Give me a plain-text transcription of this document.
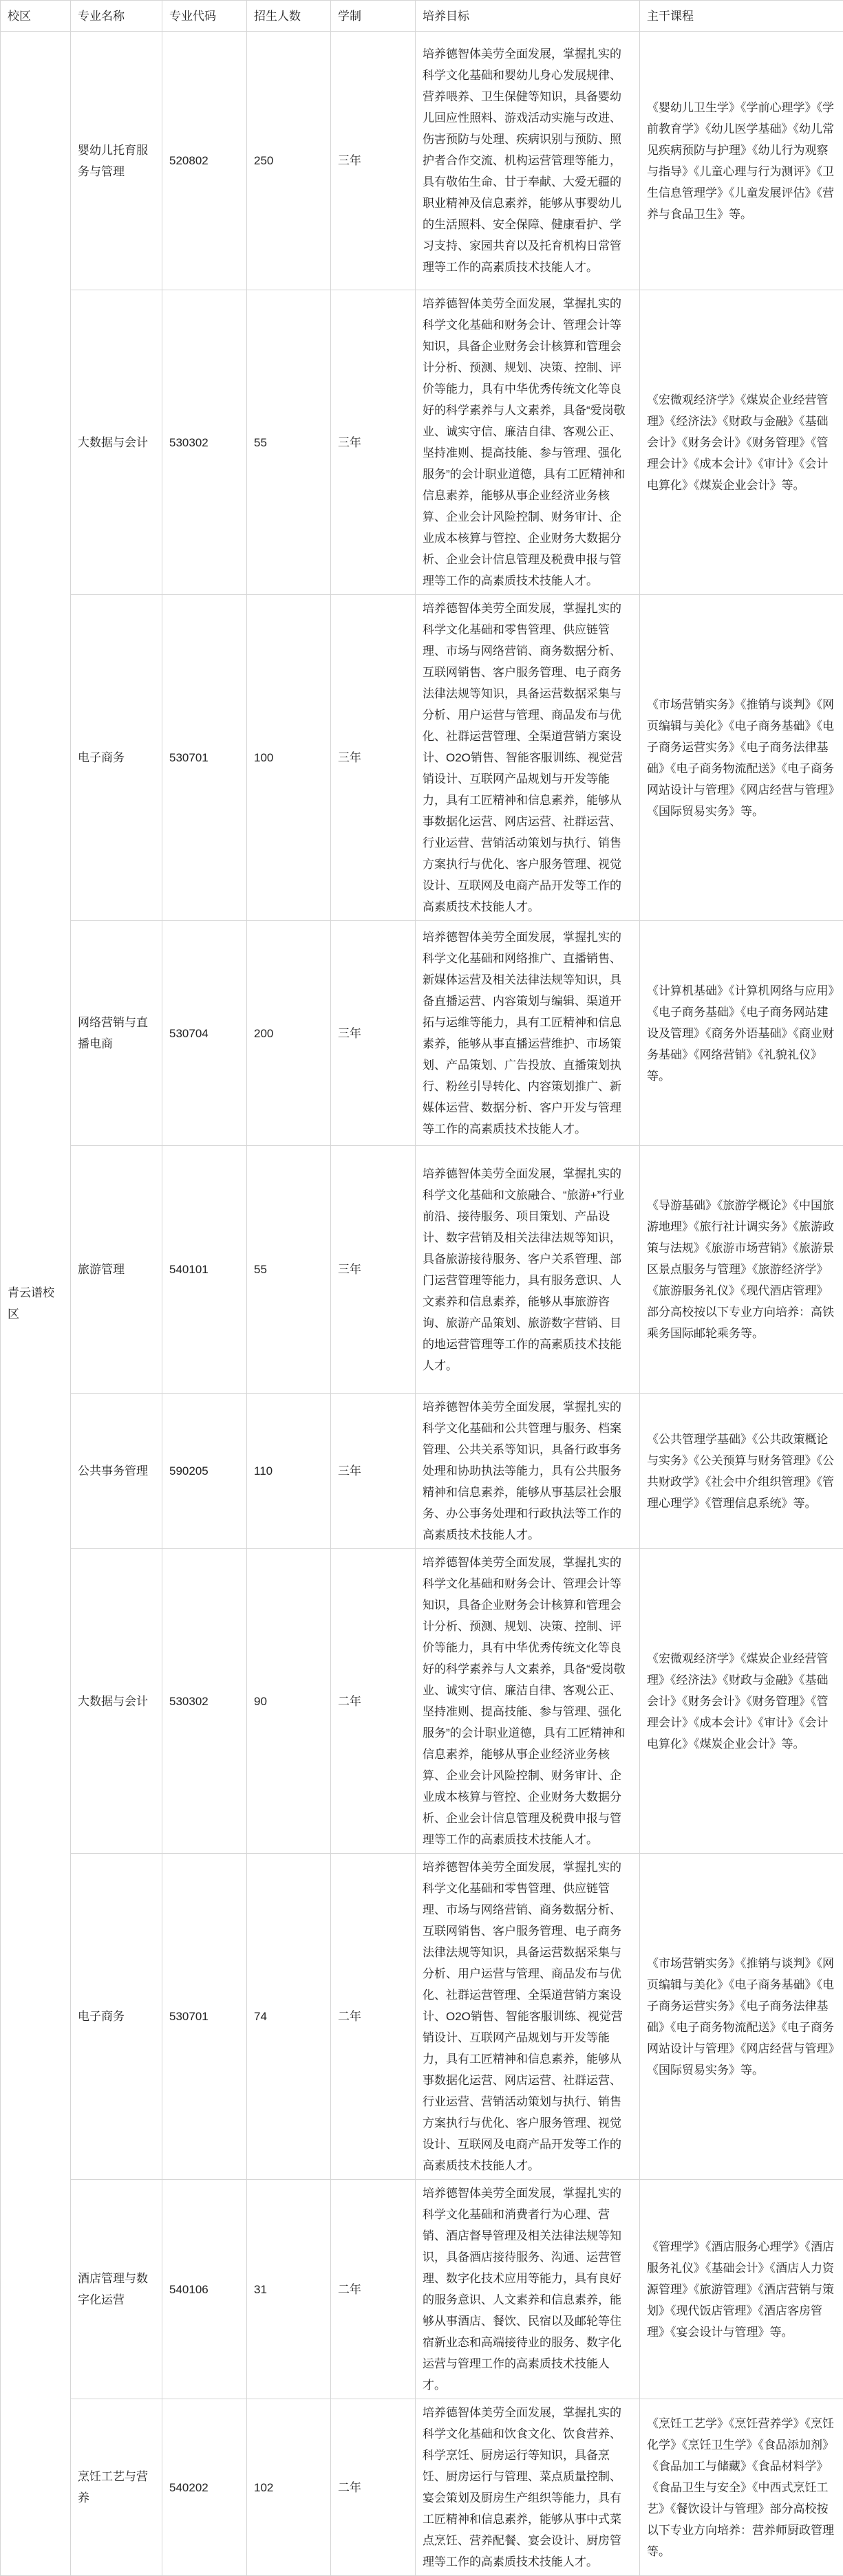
校区	专业名称	专业代码	招生人数	学制	培养目标	主干课程
青云谱校区	婴幼儿托育服务与管理	520802	250	三年	培养德智体美劳全面发展，掌握扎实的科学文化基础和婴幼儿身心发展规律、营养喂养、卫生保健等知识，具备婴幼儿回应性照料、游戏活动实施与改进、伤害预防与处理、疾病识别与预防、照护者合作交流、机构运营管理等能力，具有敬佑生命、甘于奉献、大爱无疆的职业精神及信息素养，能够从事婴幼儿的生活照料、安全保障、健康看护、学习支持、家园共育以及托育机构日常管理等工作的高素质技术技能人才。	《婴幼儿卫生学》《学前心理学》《学前教育学》《幼儿医学基础》《幼儿常见疾病预防与护理》《幼儿行为观察与指导》《儿童心理与行为测评》《卫生信息管理学》《儿童发展评估》《营养与食品卫生》等。
	大数据与会计	530302	55	三年	培养德智体美劳全面发展，掌握扎实的科学文化基础和财务会计、管理会计等知识，具备企业财务会计核算和管理会计分析、预测、规划、决策、控制、评价等能力，具有中华优秀传统文化等良好的科学素养与人文素养，具备“爱岗敬业、诚实守信、廉洁自律、客观公正、坚持准则、提高技能、参与管理、强化服务”的会计职业道德，具有工匠精神和信息素养，能够从事企业经济业务核算、企业会计风险控制、财务审计、企业成本核算与管控、企业财务大数据分析、企业会计信息管理及税费申报与管理等工作的高素质技术技能人才。	《宏微观经济学》《煤炭企业经营管理》《经济法》《财政与金融》《基础会计》《财务会计》《财务管理》《管理会计》《成本会计》《审计》《会计电算化》《煤炭企业会计》等。
	电子商务	530701	100	三年	培养德智体美劳全面发展，掌握扎实的科学文化基础和零售管理、供应链管理、市场与网络营销、商务数据分析、互联网销售、客户服务管理、电子商务法律法规等知识，具备运营数据采集与分析、用户运营与管理、商品发布与优化、社群运营管理、全渠道营销方案设计、O2O销售、智能客服训练、视觉营销设计、互联网产品规划与开发等能力，具有工匠精神和信息素养，能够从事数据化运营、网店运营、社群运营、行业运营、营销活动策划与执行、销售方案执行与优化、客户服务管理、视觉设计、互联网及电商产品开发等工作的高素质技术技能人才。	《市场营销实务》《推销与谈判》《网页编辑与美化》《电子商务基础》《电子商务运营实务》《电子商务法律基础》《电子商务物流配送》《电子商务网站设计与管理》《网店经营与管理》《国际贸易实务》等。
	网络营销与直播电商	530704	200	三年	培养德智体美劳全面发展，掌握扎实的科学文化基础和网络推广、直播销售、新媒体运营及相关法律法规等知识，具备直播运营、内容策划与编辑、渠道开拓与运维等能力，具有工匠精神和信息素养，能够从事直播运营维护、市场策划、产品策划、广告投放、直播策划执行、粉丝引导转化、内容策划推广、新媒体运营、数据分析、客户开发与管理等工作的高素质技术技能人才。	《计算机基础》《计算机网络与应用》《电子商务基础》《电子商务网站建设及管理》《商务外语基础》《商业财务基础》《网络营销》《礼貌礼仪》等。
	旅游管理	540101	55	三年	培养德智体美劳全面发展，掌握扎实的科学文化基础和文旅融合、“旅游+”行业前沿、接待服务、项目策划、产品设计、数字营销及相关法律法规等知识，具备旅游接待服务、客户关系管理、部门运营管理等能力，具有服务意识、人文素养和信息素养，能够从事旅游咨询、旅游产品策划、旅游数字营销、目的地运营管理等工作的高素质技术技能人才。	《导游基础》《旅游学概论》《中国旅游地理》《旅行社计调实务》《旅游政策与法规》《旅游市场营销》《旅游景区景点服务与管理》《旅游经济学》《旅游服务礼仪》《现代酒店管理》部分高校按以下专业方向培养：高铁乘务国际邮轮乘务等。
	公共事务管理	590205	110	三年	培养德智体美劳全面发展，掌握扎实的科学文化基础和公共管理与服务、档案管理、公共关系等知识，具备行政事务处理和协助执法等能力，具有公共服务精神和信息素养，能够从事基层社会服务、办公事务处理和行政执法等工作的高素质技术技能人才。	《公共管理学基础》《公共政策概论与实务》《公关预算与财务管理》《公共财政学》《社会中介组织管理》《管理心理学》《管理信息系统》等。
	大数据与会计	530302	90	二年	培养德智体美劳全面发展，掌握扎实的科学文化基础和财务会计、管理会计等知识，具备企业财务会计核算和管理会计分析、预测、规划、决策、控制、评价等能力，具有中华优秀传统文化等良好的科学素养与人文素养，具备“爱岗敬业、诚实守信、廉洁自律、客观公正、坚持准则、提高技能、参与管理、强化服务”的会计职业道德，具有工匠精神和信息素养，能够从事企业经济业务核算、企业会计风险控制、财务审计、企业成本核算与管控、企业财务大数据分析、企业会计信息管理及税费申报与管理等工作的高素质技术技能人才。	《宏微观经济学》《煤炭企业经营管理》《经济法》《财政与金融》《基础会计》《财务会计》《财务管理》《管理会计》《成本会计》《审计》《会计电算化》《煤炭企业会计》等。
	电子商务	530701	74	二年	培养德智体美劳全面发展，掌握扎实的科学文化基础和零售管理、供应链管理、市场与网络营销、商务数据分析、互联网销售、客户服务管理、电子商务法律法规等知识，具备运营数据采集与分析、用户运营与管理、商品发布与优化、社群运营管理、全渠道营销方案设计、O2O销售、智能客服训练、视觉营销设计、互联网产品规划与开发等能力，具有工匠精神和信息素养，能够从事数据化运营、网店运营、社群运营、行业运营、营销活动策划与执行、销售方案执行与优化、客户服务管理、视觉设计、互联网及电商产品开发等工作的高素质技术技能人才。	《市场营销实务》《推销与谈判》《网页编辑与美化》《电子商务基础》《电子商务运营实务》《电子商务法律基础》《电子商务物流配送》《电子商务网站设计与管理》《网店经营与管理》《国际贸易实务》等。
	酒店管理与数字化运营	540106	31	二年	培养德智体美劳全面发展，掌握扎实的科学文化基础和消费者行为心理、营销、酒店督导管理及相关法律法规等知识，具备酒店接待服务、沟通、运营管理、数字化技术应用等能力，具有良好的服务意识、人文素养和信息素养，能够从事酒店、餐饮、民宿以及邮轮等住宿新业态和高端接待业的服务、数字化运营与管理工作的高素质技术技能人才。	《管理学》《酒店服务心理学》《酒店服务礼仪》《基础会计》《酒店人力资源管理》《旅游管理》《酒店营销与策划》《现代饭店管理》《酒店客房管理》《宴会设计与管理》等。
	烹饪工艺与营养	540202	102	二年	培养德智体美劳全面发展，掌握扎实的科学文化基础和饮食文化、饮食营养、科学烹饪、厨房运行等知识，具备烹饪、厨房运行与管理、菜点质量控制、宴会策划及厨房生产组织等能力，具有工匠精神和信息素养，能够从事中式菜点烹饪、营养配餐、宴会设计、厨房管理等工作的高素质技术技能人才。	《烹饪工艺学》《烹饪营养学》《烹饪化学》《烹饪卫生学》《食品添加剂》《食品加工与储藏》《食品材料学》《食品卫生与安全》《中西式烹饪工艺》《餐饮设计与管理》部分高校按以下专业方向培养：营养师厨政管理等。
